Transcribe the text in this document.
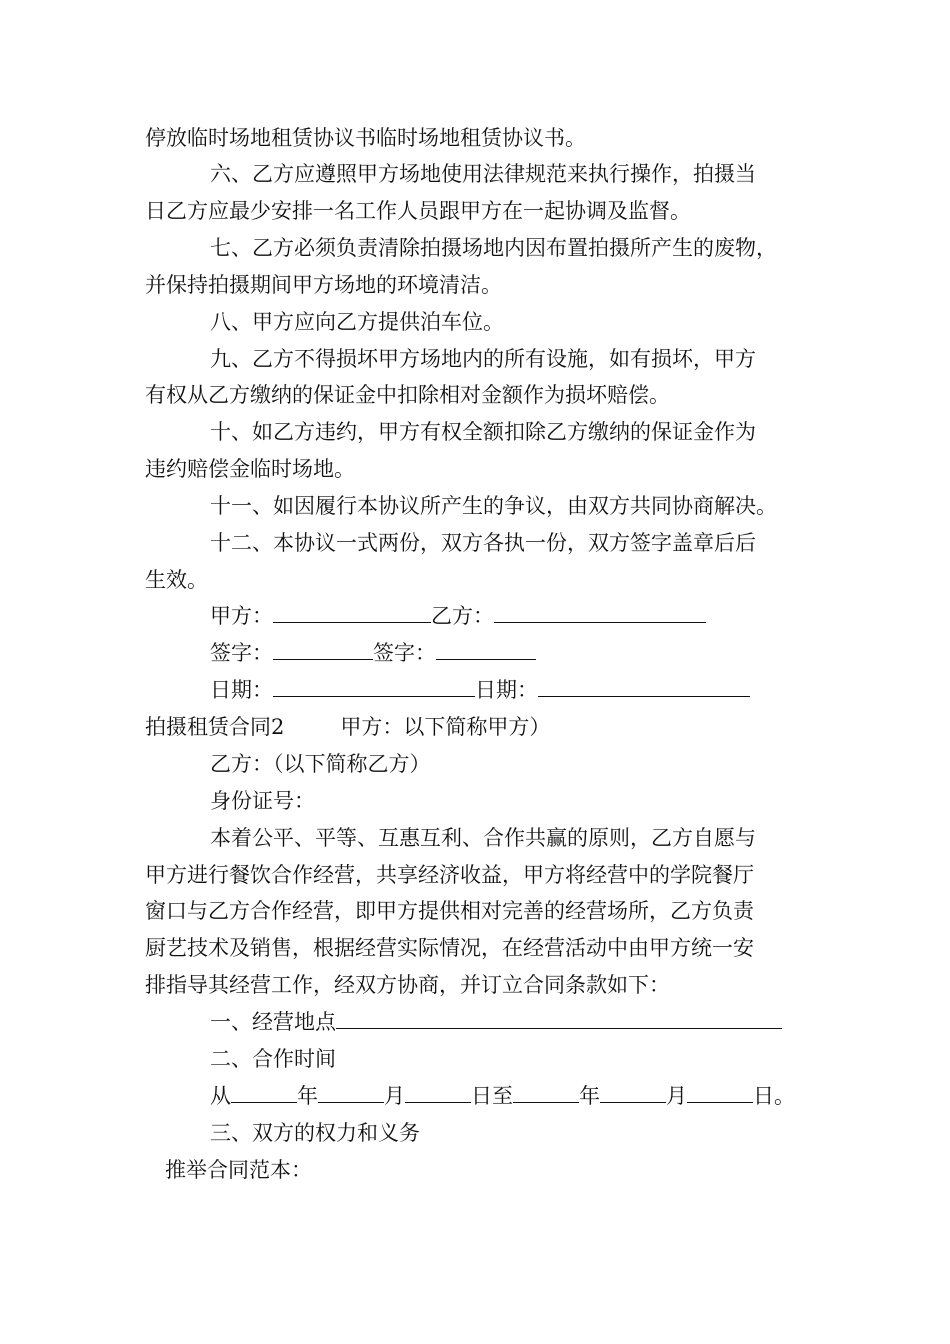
停放临时场地租赁协议书临时场地租赁协议书。
六、乙方应遵照甲方场地使用法律规范来执行操作，拍摄当
日乙方应最少安排一名工作人员跟甲方在一起协调及监督。
七、乙方必须负责清除拍摄场地内因布置拍摄所产生的废物，
并保持拍摄期间甲方场地的环境清洁。
八、甲方应向乙方提供泊车位。
九、乙方不得损坏甲方场地内的所有设施，如有损坏，甲方
有权从乙方缴纳的保证金中扣除相对金额作为损坏赔偿。
十、如乙方违约，甲方有权全额扣除乙方缴纳的保证金作为
违约赔偿金临时场地。
十一、如因履行本协议所产生的争议，由双方共同协商解决。
十二、本协议一式两份，双方各执一份，双方签字盖章后后
生效。
甲方：	乙方：
签字：	签字：
日期：	日期：
拍摄租赁合同2	甲方：以下简称甲方）
乙方：（以下简称乙方）
身份证号：
本着公平、平等、互惠互利、合作共赢的原则，乙方自愿与
甲方进行餐饮合作经营，共享经济收益，甲方将经营中的学院餐厅
窗口与乙方合作经营，即甲方提供相对完善的经营场所，乙方负责
厨艺技术及销售，根据经营实际情况，在经营活动中由甲方统一安
排指导其经营工作，经双方协商，并订立合同条款如下：
一、经营地点
二、合作时间
从	年	月	日至	年	月	日。
三、双方的权力和义务
推举合同范本：
